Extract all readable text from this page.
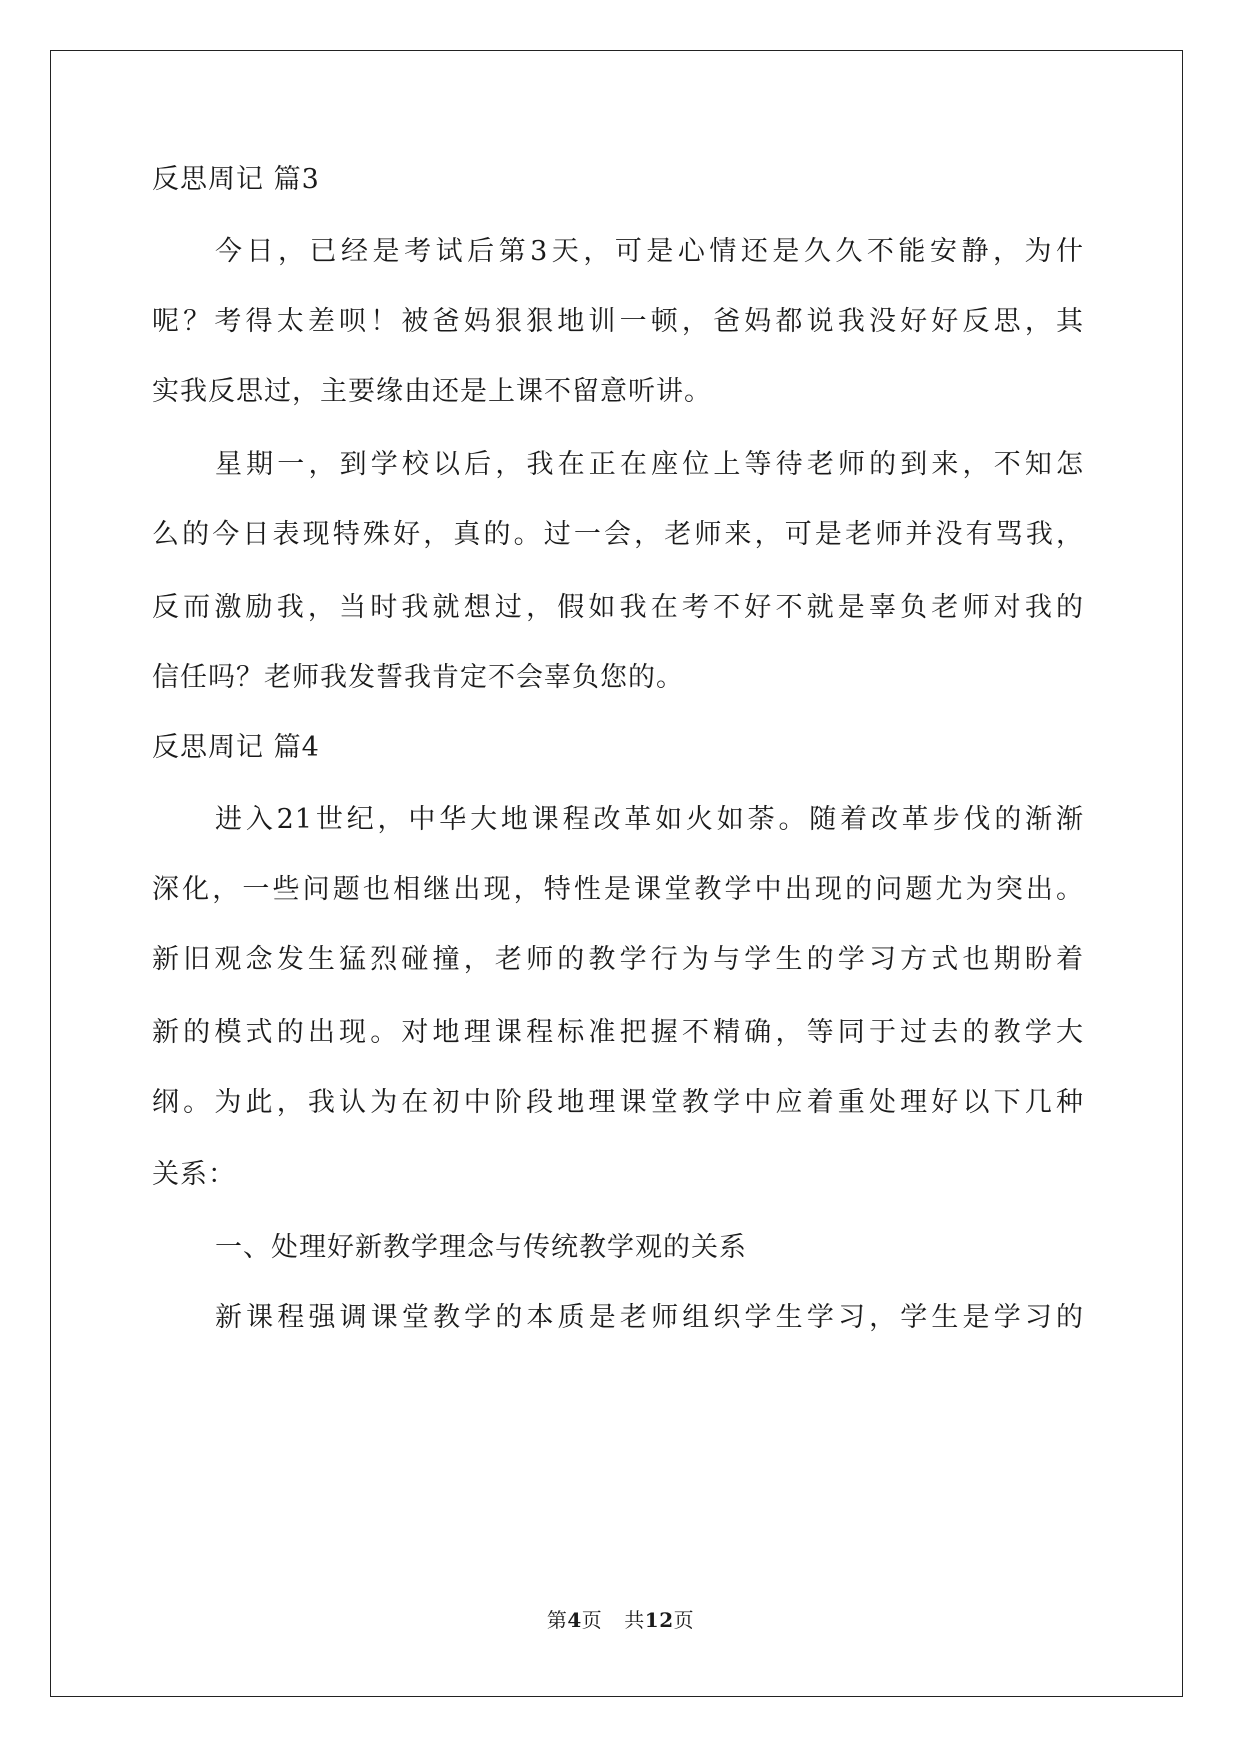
反思周记 篇3
今日，已经是考试后第3天，可是心情还是久久不能安静，为什
呢？考得太差呗！被爸妈狠狠地训一顿，爸妈都说我没好好反思，其
实我反思过，主要缘由还是上课不留意听讲。
星期一，到学校以后，我在正在座位上等待老师的到来，不知怎
么的今日表现特殊好，真的。过一会，老师来，可是老师并没有骂我，
反而激励我，当时我就想过，假如我在考不好不就是辜负老师对我的
信任吗？老师我发誓我肯定不会辜负您的。
反思周记 篇4
进入21世纪，中华大地课程改革如火如荼。随着改革步伐的渐渐
深化，一些问题也相继出现，特性是课堂教学中出现的问题尤为突出。
新旧观念发生猛烈碰撞，老师的教学行为与学生的学习方式也期盼着
新的模式的出现。对地理课程标准把握不精确，等同于过去的教学大
纲。为此，我认为在初中阶段地理课堂教学中应着重处理好以下几种
关系：
一、处理好新教学理念与传统教学观的关系
新课程强调课堂教学的本质是老师组织学生学习，学生是学习的
第4页 共12页
